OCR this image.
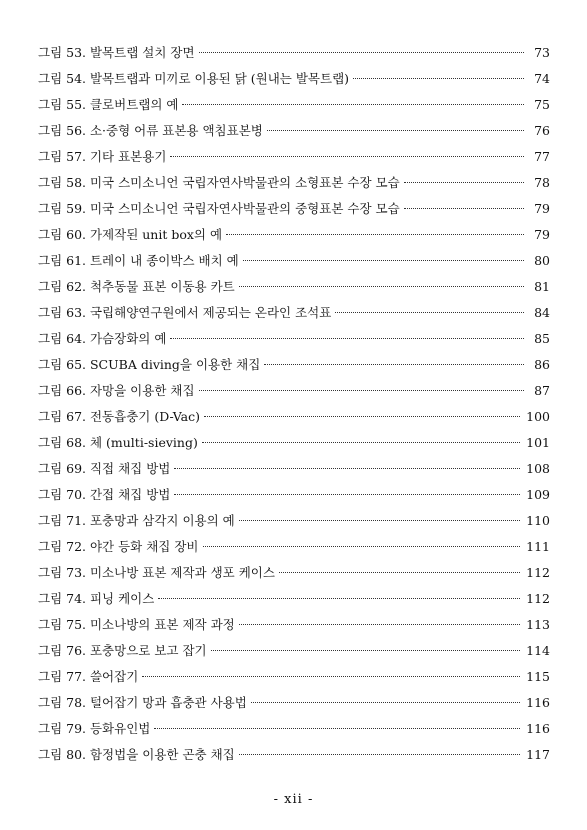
그림 53. 발목트랩 설치 장면	73
그림 54. 발목트랩과 미끼로 이용된 닭 (원내는 발목트랩)	74
그림 55. 클로버트랩의 예	75
그림 56. 소·중형 어류 표본용 액침표본병	76
그림 57. 기타 표본용기	77
그림 58. 미국 스미소니언 국립자연사박물관의 소형표본 수장 모습	78
그림 59. 미국 스미소니언 국립자연사박물관의 중형표본 수장 모습	79
그림 60. 가제작된 unit box의 예	79
그림 61. 트레이 내 종이박스 배치 예	80
그림 62. 척추동물 표본 이동용 카트	81
그림 63. 국립해양연구원에서 제공되는 온라인 조석표	84
그림 64. 가슴장화의 예	85
그림 65. SCUBA diving을 이용한 채집	86
그림 66. 자망을 이용한 채집	87
그림 67. 전동흡충기 (D-Vac)	100
그림 68. 체 (multi-sieving)	101
그림 69. 직접 채집 방법	108
그림 70. 간접 채집 방법	109
그림 71. 포충망과 삼각지 이용의 예	110
그림 72. 야간 등화 채집 장비	111
그림 73. 미소나방 표본 제작과 생포 케이스	112
그림 74. 피닝 케이스	112
그림 75. 미소나방의 표본 제작 과정	113
그림 76. 포충망으로 보고 잡기	114
그림 77. 쓸어잡기	115
그림 78. 털어잡기 망과 흡충관 사용법	116
그림 79. 등화유인법	116
그림 80. 함정법을 이용한 곤충 채집	117
- xii -
